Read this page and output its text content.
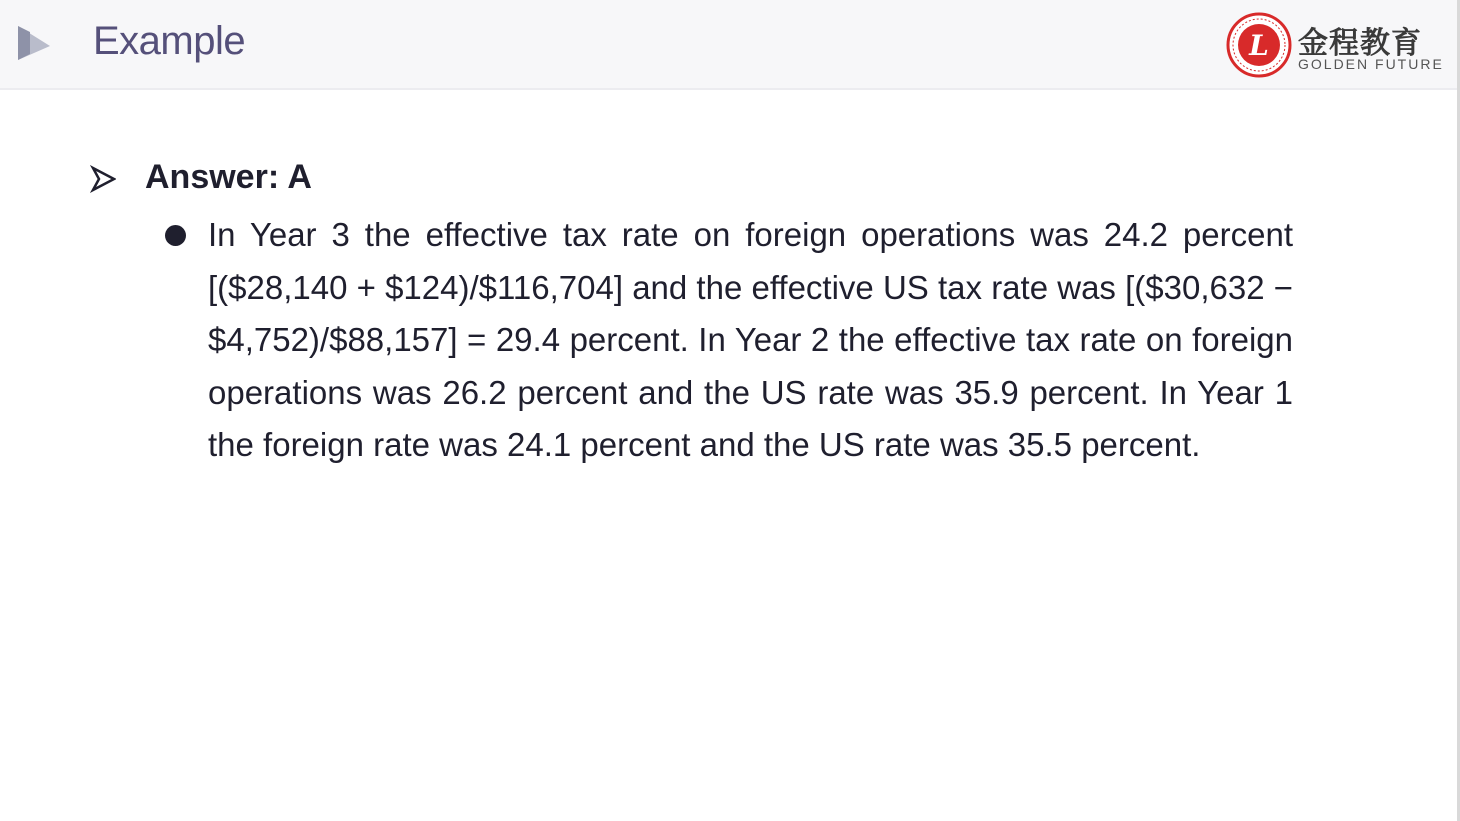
Example	L 金程教育
GOLDEN FUTURE
Answer: A
In Year 3 the effective tax rate on foreign operations was 24.2 percent [($28,140 + $124)/$116,704] and the effective US tax rate was [($30,632 − $4,752)/$88,157] = 29.4 percent. In Year 2 the effective tax rate on foreign operations was 26.2 percent and the US rate was 35.9 percent. In Year 1 the foreign rate was 24.1 percent and the US rate was 35.5 percent.
